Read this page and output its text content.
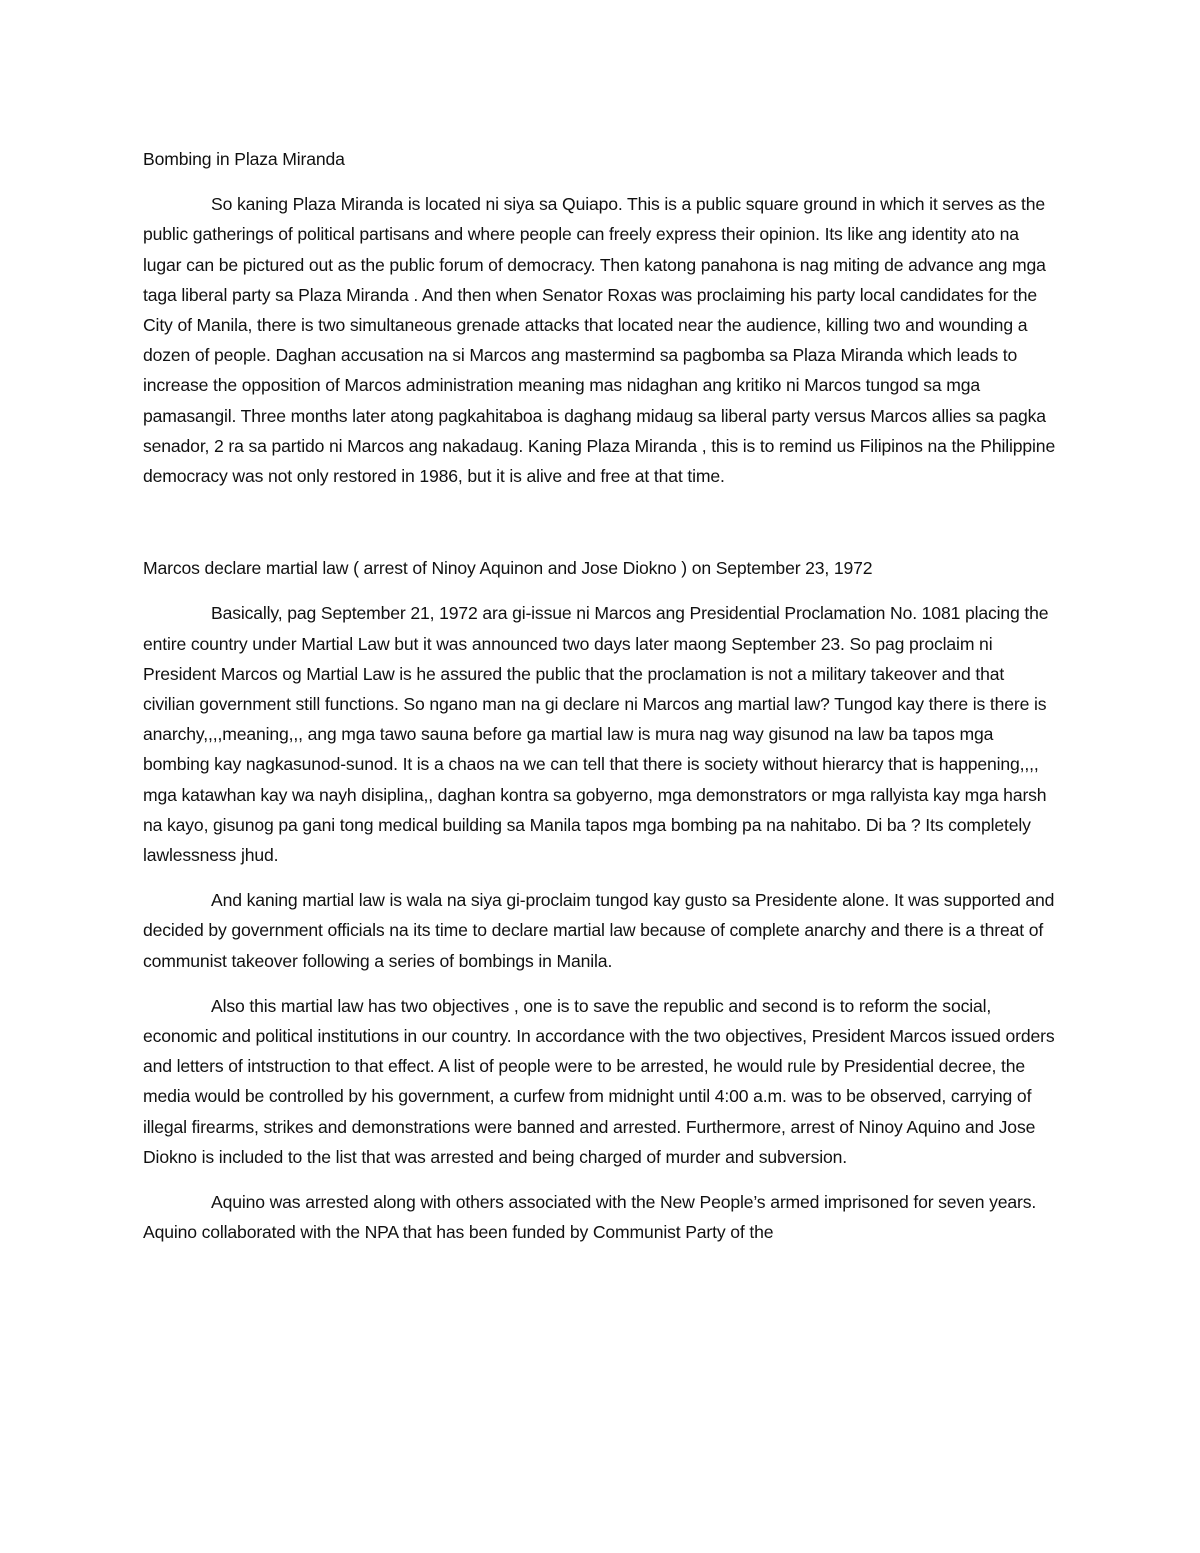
Bombing in Plaza Miranda

So kaning Plaza Miranda is located ni siya sa Quiapo. This is a public square ground in which it serves as the public gatherings of political partisans and where people can freely express their opinion. Its like ang identity ato na lugar can be pictured out as the public forum of democracy. Then katong panahona is nag miting de advance ang mga taga liberal party sa Plaza Miranda . And then when Senator Roxas was proclaiming his party local candidates for the City of Manila, there is two simultaneous grenade attacks that located near the audience, killing two and wounding a dozen of people. Daghan accusation na si Marcos ang mastermind sa pagbomba sa Plaza Miranda which leads to increase the opposition of Marcos administration meaning mas nidaghan ang kritiko ni Marcos tungod sa mga pamasangil. Three months later atong pagkahitaboa is daghang midaug sa liberal party versus Marcos allies sa pagka senador, 2 ra sa partido ni Marcos ang nakadaug. Kaning Plaza Miranda , this is to remind us Filipinos na the Philippine democracy was not only restored in 1986, but it is alive and free at that time.

Marcos declare martial law ( arrest of Ninoy Aquinon and Jose Diokno ) on September 23, 1972

Basically, pag September 21, 1972 ara gi-issue ni Marcos ang Presidential Proclamation No. 1081 placing the entire country under Martial Law but it was announced two days later maong September 23. So pag proclaim ni President Marcos og Martial Law is he assured the public that the proclamation is not a military takeover and that civilian government still functions. So ngano man na gi declare ni Marcos ang martial law? Tungod kay there is there is anarchy,,,,meaning,,, ang mga tawo sauna before ga martial law is mura nag way gisunod na law ba tapos mga bombing kay nagkasunod-sunod. It is a chaos na we can tell that there is society without hierarcy that is happening,,,, mga katawhan kay wa nayh disiplina,, daghan kontra sa gobyerno, mga demonstrators or mga rallyista kay mga harsh na kayo, gisunog pa gani tong medical building sa Manila tapos mga bombing pa na nahitabo. Di ba ? Its completely lawlessness jhud.

And kaning martial law is wala na siya gi-proclaim tungod kay gusto sa Presidente alone. It was supported and decided by government officials na its time to declare martial law because of complete anarchy and there is a threat of communist takeover following a series of bombings in Manila.

Also this martial law has two objectives , one is to save the republic and second is to reform the social, economic and political institutions in our country. In accordance with the two objectives, President Marcos issued orders and letters of intstruction to that effect. A list of people were to be arrested, he would rule by Presidential decree, the media would be controlled by his government, a curfew from midnight until 4:00 a.m. was to be observed, carrying of illegal firearms, strikes and demonstrations were banned and arrested. Furthermore, arrest of Ninoy Aquino and Jose Diokno is included to the list that was arrested and being charged of murder and subversion.

Aquino was arrested along with others associated with the New People’s armed imprisoned for seven years. Aquino collaborated with the NPA that has been funded by Communist Party of the
